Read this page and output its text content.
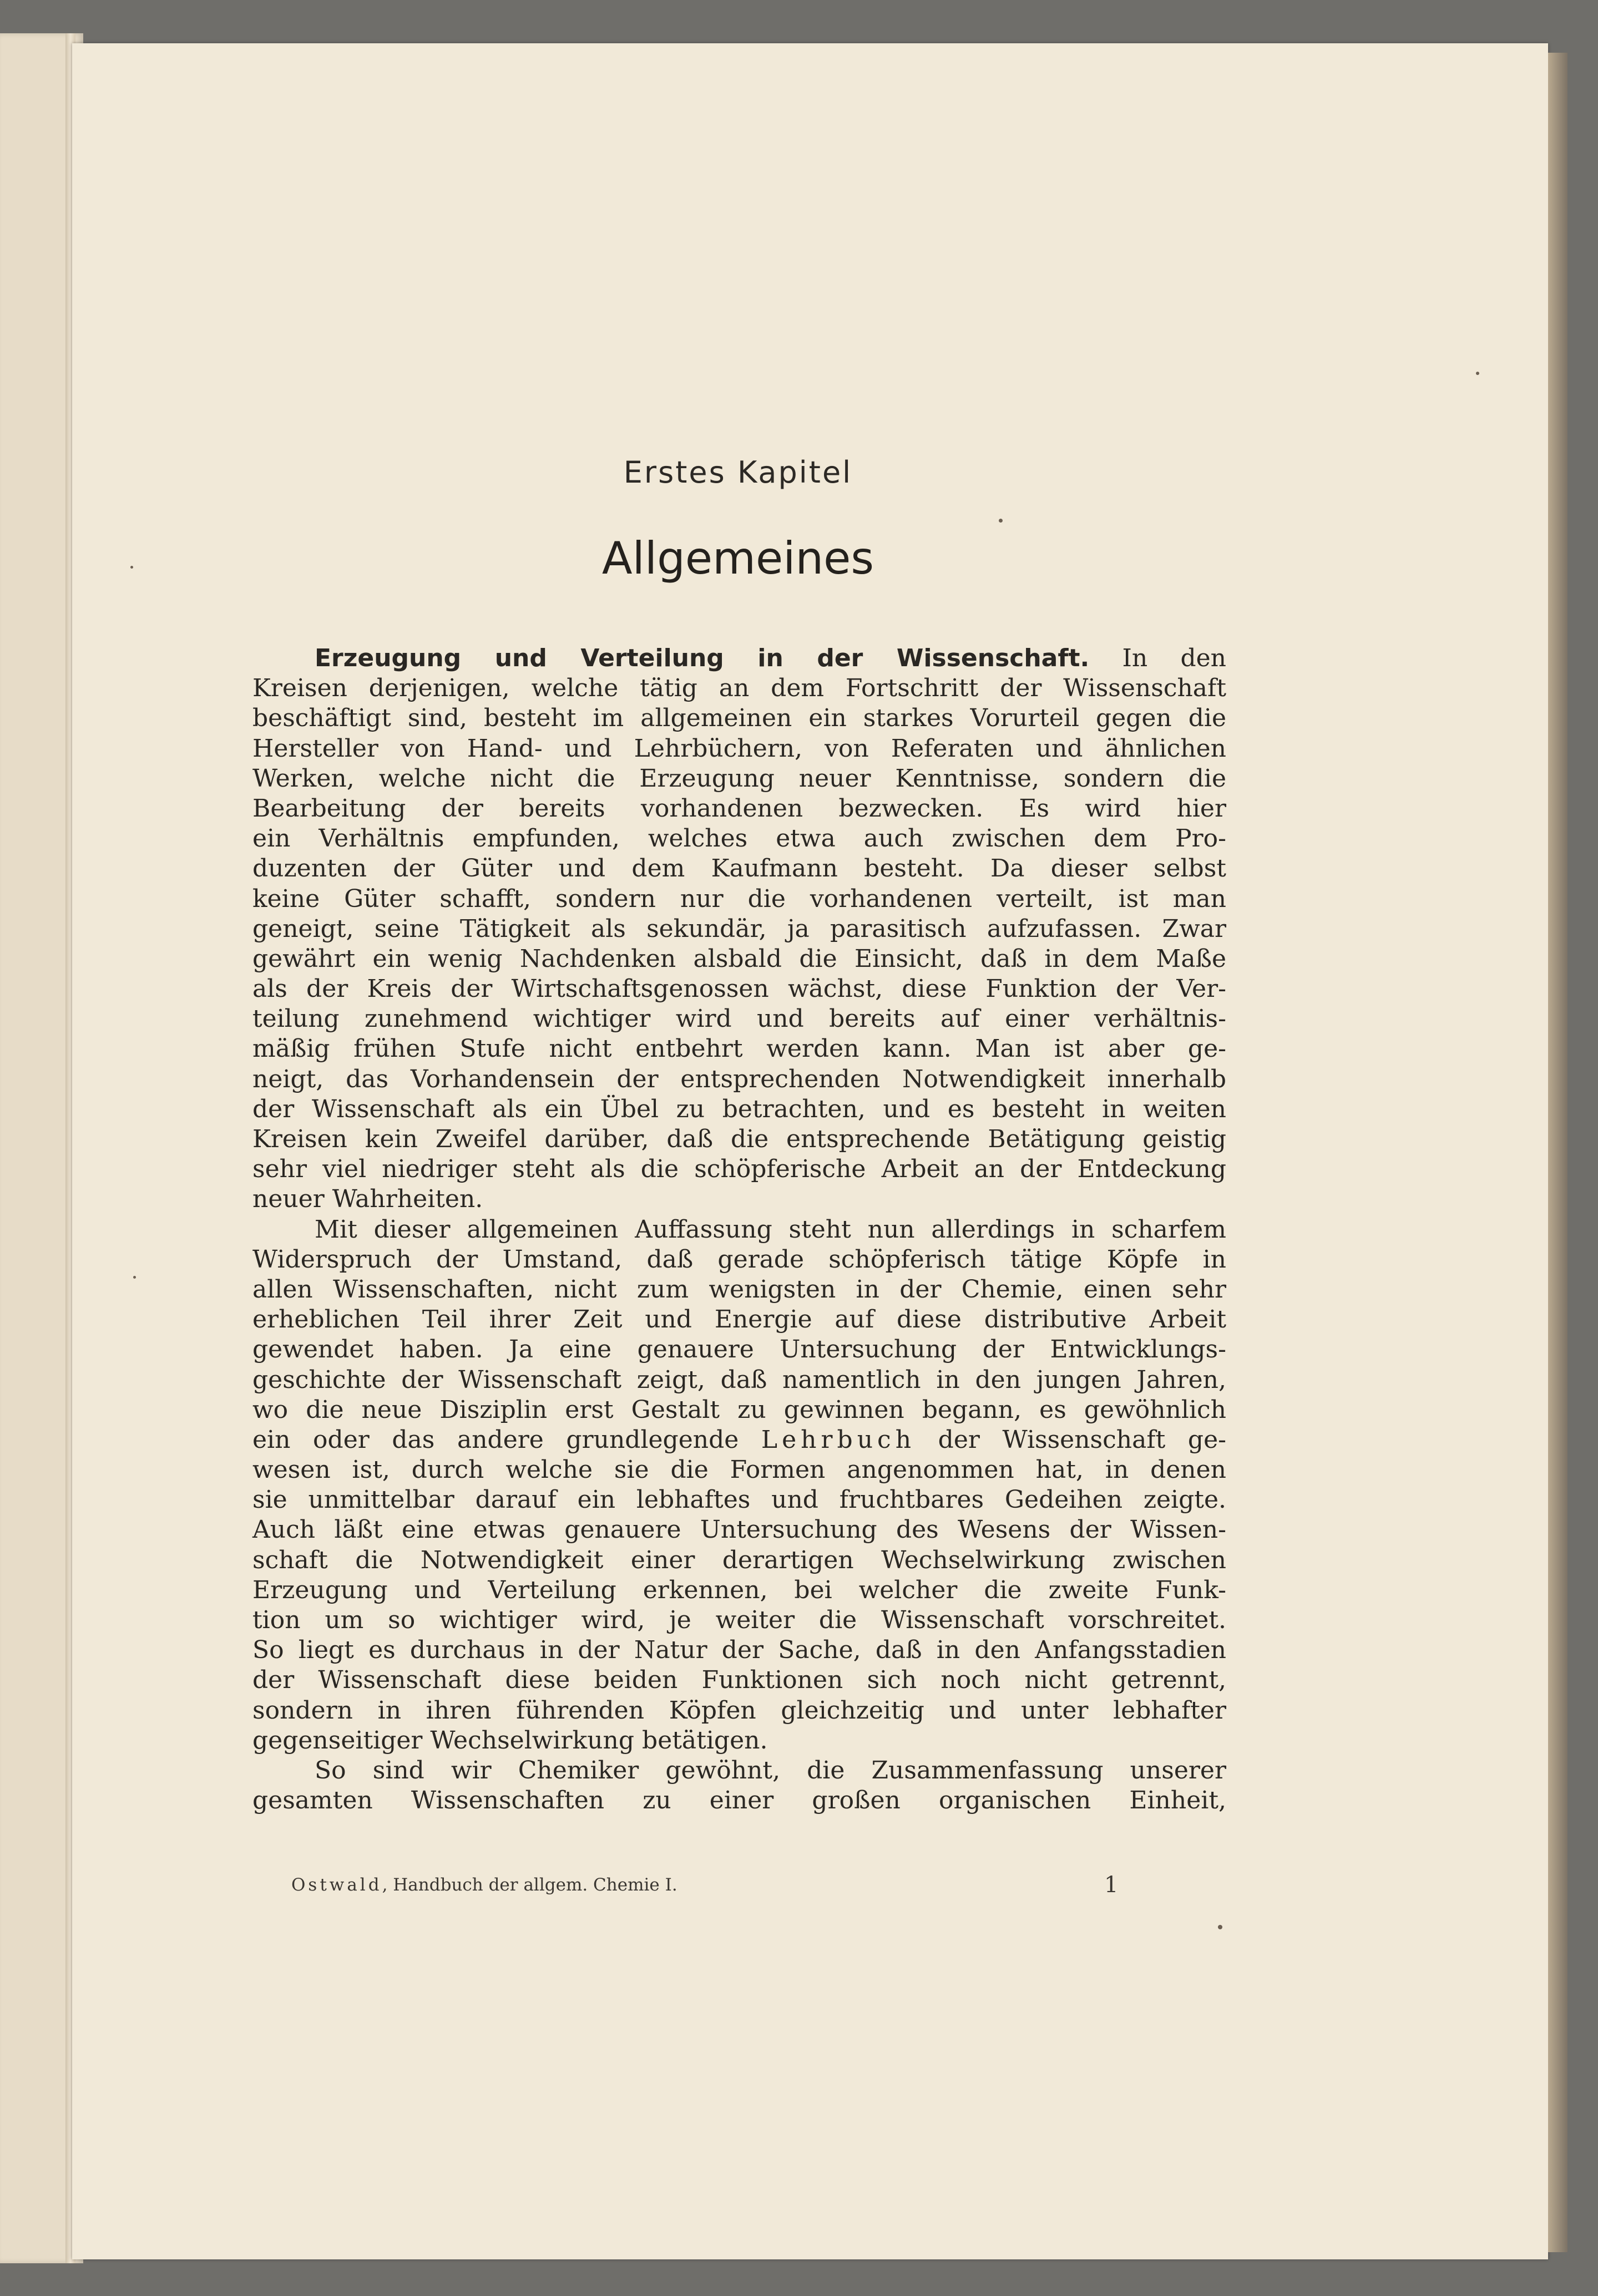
Erstes Kapitel
Allgemeines
Erzeugung und Verteilung in der Wissenschaft. In den
Kreisen derjenigen, welche tätig an dem Fortschritt der Wissenschaft
beschäftigt sind, besteht im allgemeinen ein starkes Vorurteil gegen die
Hersteller von Hand- und Lehrbüchern, von Referaten und ähnlichen
Werken, welche nicht die Erzeugung neuer Kenntnisse, sondern die
Bearbeitung der bereits vorhandenen bezwecken. Es wird hier
ein Verhältnis empfunden, welches etwa auch zwischen dem Pro-
duzenten der Güter und dem Kaufmann besteht. Da dieser selbst
keine Güter schafft, sondern nur die vorhandenen verteilt, ist man
geneigt, seine Tätigkeit als sekundär, ja parasitisch aufzufassen. Zwar
gewährt ein wenig Nachdenken alsbald die Einsicht, daß in dem Maße
als der Kreis der Wirtschaftsgenossen wächst, diese Funktion der Ver-
teilung zunehmend wichtiger wird und bereits auf einer verhältnis-
mäßig frühen Stufe nicht entbehrt werden kann. Man ist aber ge-
neigt, das Vorhandensein der entsprechenden Notwendigkeit innerhalb
der Wissenschaft als ein Übel zu betrachten, und es besteht in weiten
Kreisen kein Zweifel darüber, daß die entsprechende Betätigung geistig
sehr viel niedriger steht als die schöpferische Arbeit an der Entdeckung
neuer Wahrheiten.
Mit dieser allgemeinen Auffassung steht nun allerdings in scharfem
Widerspruch der Umstand, daß gerade schöpferisch tätige Köpfe in
allen Wissenschaften, nicht zum wenigsten in der Chemie, einen sehr
erheblichen Teil ihrer Zeit und Energie auf diese distributive Arbeit
gewendet haben. Ja eine genauere Untersuchung der Entwicklungs-
geschichte der Wissenschaft zeigt, daß namentlich in den jungen Jahren,
wo die neue Disziplin erst Gestalt zu gewinnen begann, es gewöhnlich
ein oder das andere grundlegende Lehrbuch der Wissenschaft ge-
wesen ist, durch welche sie die Formen angenommen hat, in denen
sie unmittelbar darauf ein lebhaftes und fruchtbares Gedeihen zeigte.
Auch läßt eine etwas genauere Untersuchung des Wesens der Wissen-
schaft die Notwendigkeit einer derartigen Wechselwirkung zwischen
Erzeugung und Verteilung erkennen, bei welcher die zweite Funk-
tion um so wichtiger wird, je weiter die Wissenschaft vorschreitet.
So liegt es durchaus in der Natur der Sache, daß in den Anfangsstadien
der Wissenschaft diese beiden Funktionen sich noch nicht getrennt,
sondern in ihren führenden Köpfen gleichzeitig und unter lebhafter
gegenseitiger Wechselwirkung betätigen.
So sind wir Chemiker gewöhnt, die Zusammenfassung unserer
gesamten Wissenschaften zu einer großen organischen Einheit,
Ostwald, Handbuch der allgem. Chemie I.	1
